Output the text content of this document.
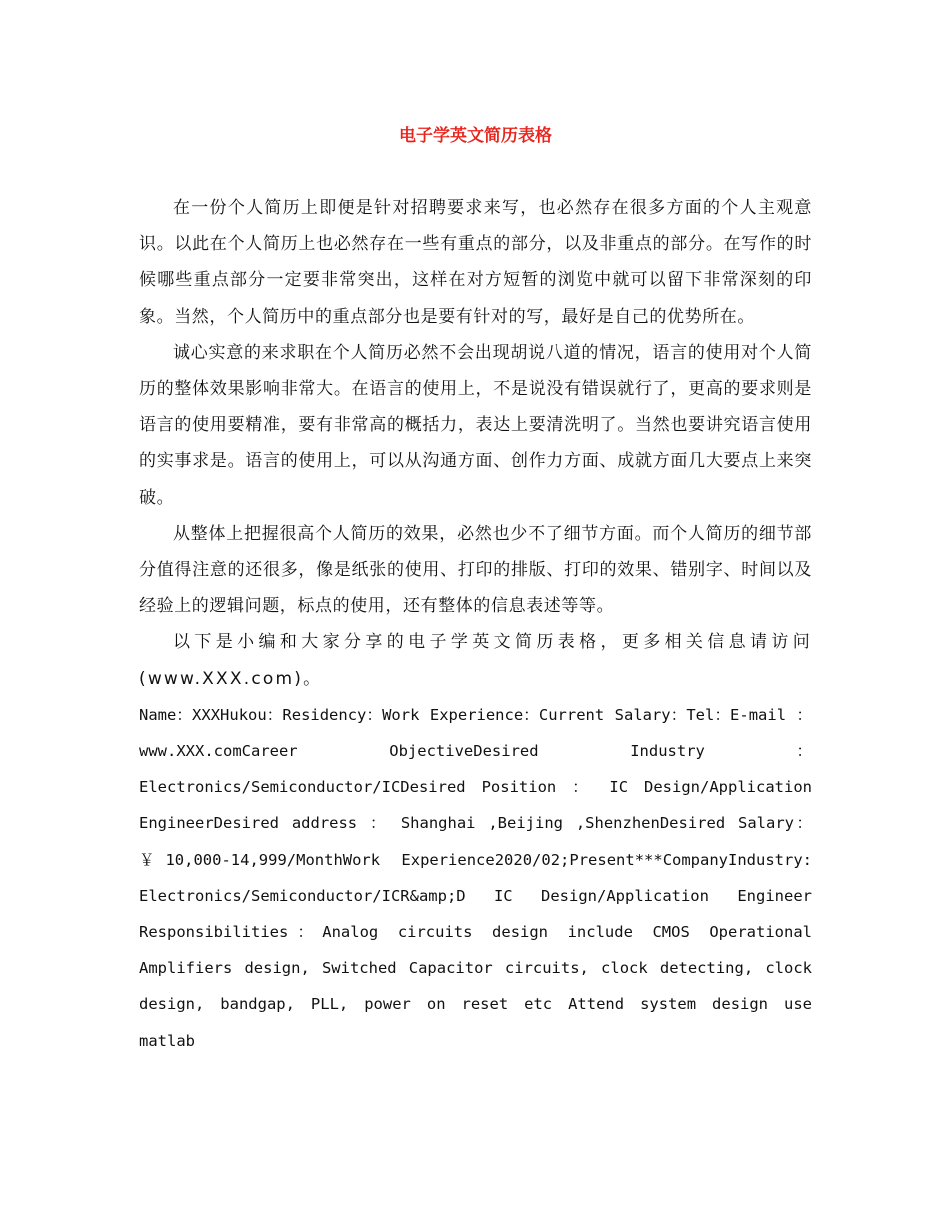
电子学英文简历表格

在一份个人简历上即便是针对招聘要求来写，也必然存在很多方面的个人主观意识。以此在个人简历上也必然存在一些有重点的部分，以及非重点的部分。在写作的时候哪些重点部分一定要非常突出，这样在对方短暂的浏览中就可以留下非常深刻的印象。当然，个人简历中的重点部分也是要有针对的写，最好是自己的优势所在。

诚心实意的来求职在个人简历必然不会出现胡说八道的情况，语言的使用对个人简历的整体效果影响非常大。在语言的使用上，不是说没有错误就行了，更高的要求则是语言的使用要精准，要有非常高的概括力，表达上要清洗明了。当然也要讲究语言使用的实事求是。语言的使用上，可以从沟通方面、创作力方面、成就方面几大要点上来突破。

从整体上把握很高个人简历的效果，必然也少不了细节方面。而个人简历的细节部分值得注意的还很多，像是纸张的使用、打印的排版、打印的效果、错别字、时间以及经验上的逻辑问题，标点的使用，还有整体的信息表述等等。

以下是小编和大家分享的电子学英文简历表格，更多相关信息请访问(www.XXX.com)。

Name：XXXHukou：Residency：Work Experience：Current Salary：Tel：E-mail ： www.XXX.comCareer ObjectiveDesired Industry ： Electronics/Semiconductor/ICDesired Position ： IC Design/Application EngineerDesired address ： Shanghai ,Beijing ,ShenzhenDesired Salary：￥10,000-14,999/MonthWork Experience2020/02;Present***CompanyIndustry: Electronics/Semiconductor/ICR&amp;D IC Design/Application Engineer Responsibilities：Analog circuits design include CMOS Operational Amplifiers design, Switched Capacitor circuits, clock detecting, clock design, bandgap, PLL, power on reset etc Attend system design use matlab
